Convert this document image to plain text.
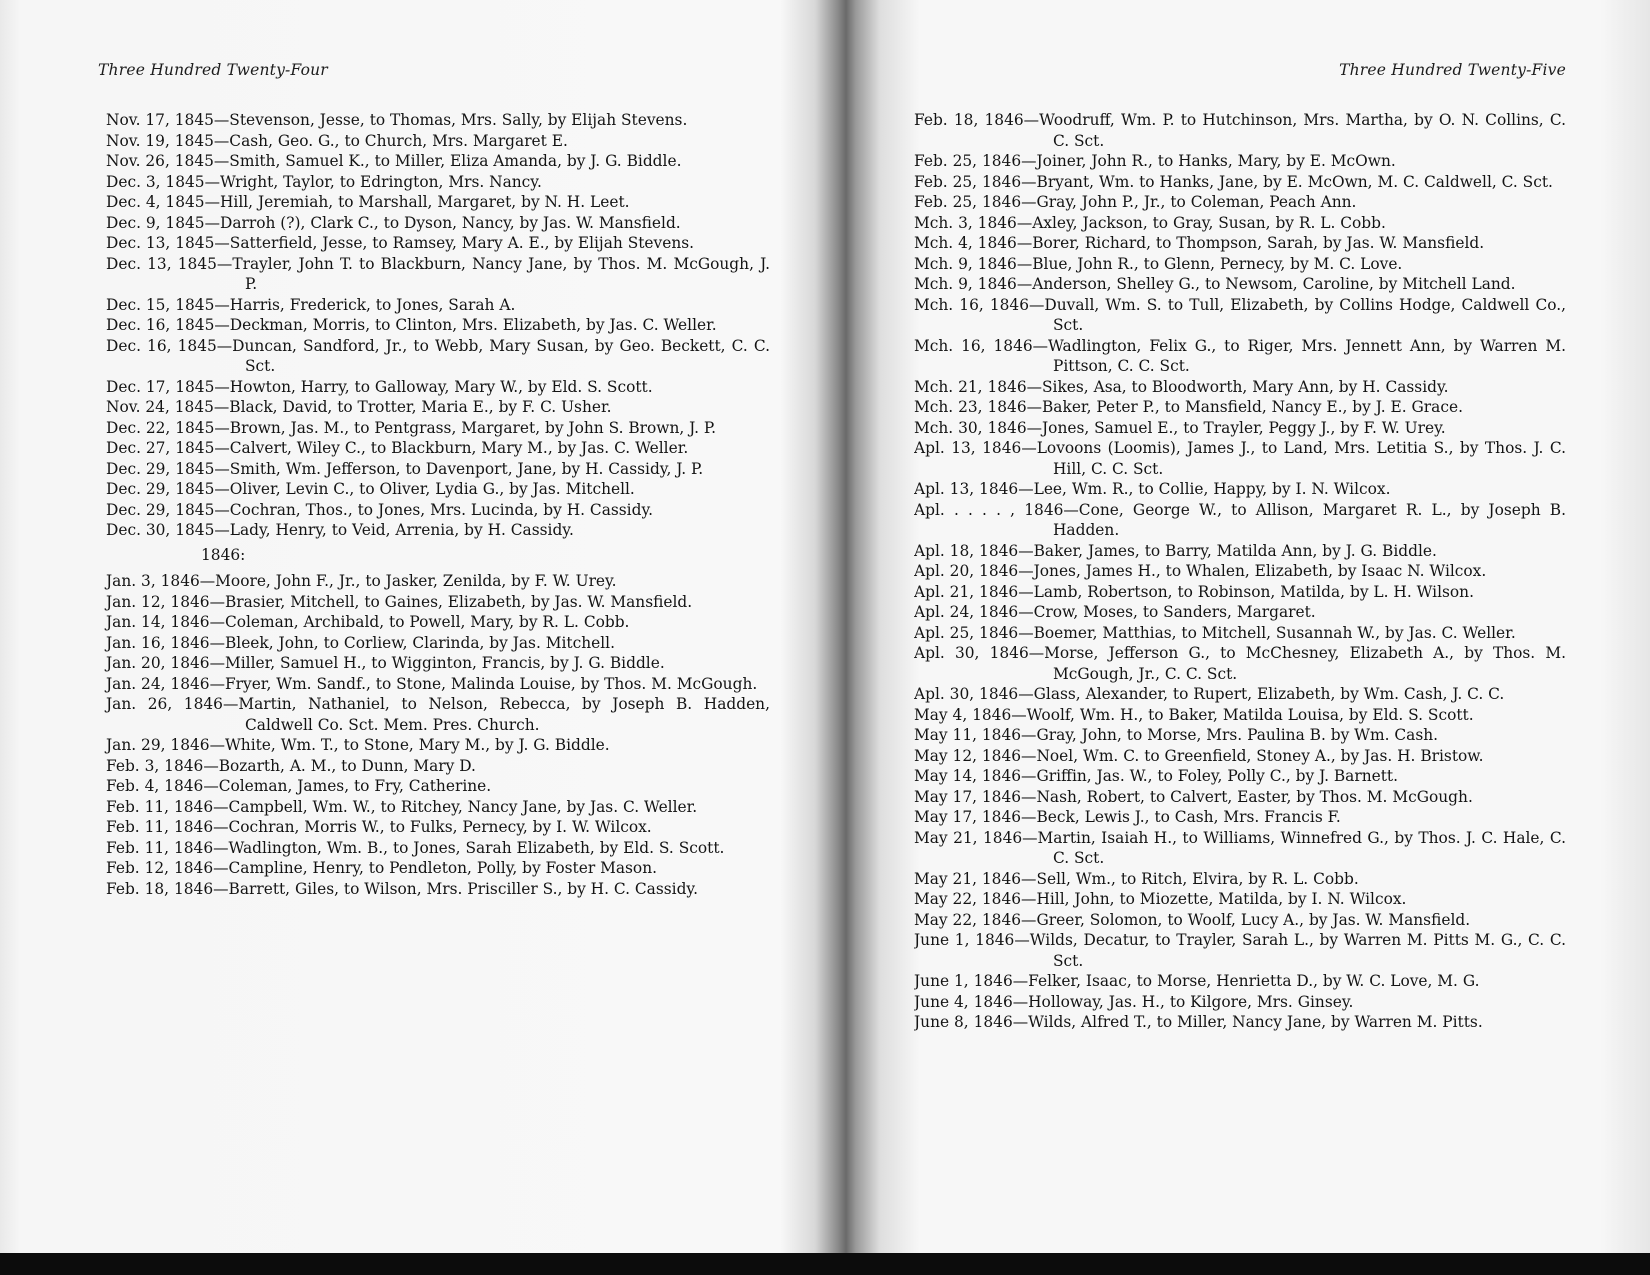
Three Hundred Twenty-Four
Nov. 17, 1845—Stevenson, Jesse, to Thomas, Mrs. Sally, by Elijah Stevens.
Nov. 19, 1845—Cash, Geo. G., to Church, Mrs. Margaret E.
Nov. 26, 1845—Smith, Samuel K., to Miller, Eliza Amanda, by J. G. Biddle.
Dec. 3, 1845—Wright, Taylor, to Edrington, Mrs. Nancy.
Dec. 4, 1845—Hill, Jeremiah, to Marshall, Margaret, by N. H. Leet.
Dec. 9, 1845—Darroh (?), Clark C., to Dyson, Nancy, by Jas. W. Mansfield.
Dec. 13, 1845—Satterfield, Jesse, to Ramsey, Mary A. E., by Elijah Stevens.
Dec. 13, 1845—Trayler, John T. to Blackburn, Nancy Jane, by Thos. M. McGough, J. P.
Dec. 15, 1845—Harris, Frederick, to Jones, Sarah A.
Dec. 16, 1845—Deckman, Morris, to Clinton, Mrs. Elizabeth, by Jas. C. Weller.
Dec. 16, 1845—Duncan, Sandford, Jr., to Webb, Mary Susan, by Geo. Beckett, C. C. Sct.
Dec. 17, 1845—Howton, Harry, to Galloway, Mary W., by Eld. S. Scott.
Nov. 24, 1845—Black, David, to Trotter, Maria E., by F. C. Usher.
Dec. 22, 1845—Brown, Jas. M., to Pentgrass, Margaret, by John S. Brown, J. P.
Dec. 27, 1845—Calvert, Wiley C., to Blackburn, Mary M., by Jas. C. Weller.
Dec. 29, 1845—Smith, Wm. Jefferson, to Davenport, Jane, by H. Cassidy, J. P.
Dec. 29, 1845—Oliver, Levin C., to Oliver, Lydia G., by Jas. Mitchell.
Dec. 29, 1845—Cochran, Thos., to Jones, Mrs. Lucinda, by H. Cassidy.
Dec. 30, 1845—Lady, Henry, to Veid, Arrenia, by H. Cassidy.
1846:
Jan. 3, 1846—Moore, John F., Jr., to Jasker, Zenilda, by F. W. Urey.
Jan. 12, 1846—Brasier, Mitchell, to Gaines, Elizabeth, by Jas. W. Mansfield.
Jan. 14, 1846—Coleman, Archibald, to Powell, Mary, by R. L. Cobb.
Jan. 16, 1846—Bleek, John, to Corliew, Clarinda, by Jas. Mitchell.
Jan. 20, 1846—Miller, Samuel H., to Wigginton, Francis, by J. G. Biddle.
Jan. 24, 1846—Fryer, Wm. Sandf., to Stone, Malinda Louise, by Thos. M. McGough.
Jan. 26, 1846—Martin, Nathaniel, to Nelson, Rebecca, by Joseph B. Hadden, Caldwell Co. Sct. Mem. Pres. Church.
Jan. 29, 1846—White, Wm. T., to Stone, Mary M., by J. G. Biddle.
Feb. 3, 1846—Bozarth, A. M., to Dunn, Mary D.
Feb. 4, 1846—Coleman, James, to Fry, Catherine.
Feb. 11, 1846—Campbell, Wm. W., to Ritchey, Nancy Jane, by Jas. C. Weller.
Feb. 11, 1846—Cochran, Morris W., to Fulks, Pernecy, by I. W. Wilcox.
Feb. 11, 1846—Wadlington, Wm. B., to Jones, Sarah Elizabeth, by Eld. S. Scott.
Feb. 12, 1846—Campline, Henry, to Pendleton, Polly, by Foster Mason.
Feb. 18, 1846—Barrett, Giles, to Wilson, Mrs. Prisciller S., by H. C. Cassidy.
Three Hundred Twenty-Five
Feb. 18, 1846—Woodruff, Wm. P. to Hutchinson, Mrs. Martha, by O. N. Collins, C. C. Sct.
Feb. 25, 1846—Joiner, John R., to Hanks, Mary, by E. McOwn.
Feb. 25, 1846—Bryant, Wm. to Hanks, Jane, by E. McOwn, M. C. Caldwell, C. Sct.
Feb. 25, 1846—Gray, John P., Jr., to Coleman, Peach Ann.
Mch. 3, 1846—Axley, Jackson, to Gray, Susan, by R. L. Cobb.
Mch. 4, 1846—Borer, Richard, to Thompson, Sarah, by Jas. W. Mansfield.
Mch. 9, 1846—Blue, John R., to Glenn, Pernecy, by M. C. Love.
Mch. 9, 1846—Anderson, Shelley G., to Newsom, Caroline, by Mitchell Land.
Mch. 16, 1846—Duvall, Wm. S. to Tull, Elizabeth, by Collins Hodge, Caldwell Co., Sct.
Mch. 16, 1846—Wadlington, Felix G., to Riger, Mrs. Jennett Ann, by Warren M. Pittson, C. C. Sct.
Mch. 21, 1846—Sikes, Asa, to Bloodworth, Mary Ann, by H. Cassidy.
Mch. 23, 1846—Baker, Peter P., to Mansfield, Nancy E., by J. E. Grace.
Mch. 30, 1846—Jones, Samuel E., to Trayler, Peggy J., by F. W. Urey.
Apl. 13, 1846—Lovoons (Loomis), James J., to Land, Mrs. Letitia S., by Thos. J. C. Hill, C. C. Sct.
Apl. 13, 1846—Lee, Wm. R., to Collie, Happy, by I. N. Wilcox.
Apl. . . . . , 1846—Cone, George W., to Allison, Margaret R. L., by Joseph B. Hadden.
Apl. 18, 1846—Baker, James, to Barry, Matilda Ann, by J. G. Biddle.
Apl. 20, 1846—Jones, James H., to Whalen, Elizabeth, by Isaac N. Wilcox.
Apl. 21, 1846—Lamb, Robertson, to Robinson, Matilda, by L. H. Wilson.
Apl. 24, 1846—Crow, Moses, to Sanders, Margaret.
Apl. 25, 1846—Boemer, Matthias, to Mitchell, Susannah W., by Jas. C. Weller.
Apl. 30, 1846—Morse, Jefferson G., to McChesney, Elizabeth A., by Thos. M. McGough, Jr., C. C. Sct.
Apl. 30, 1846—Glass, Alexander, to Rupert, Elizabeth, by Wm. Cash, J. C. C.
May 4, 1846—Woolf, Wm. H., to Baker, Matilda Louisa, by Eld. S. Scott.
May 11, 1846—Gray, John, to Morse, Mrs. Paulina B. by Wm. Cash.
May 12, 1846—Noel, Wm. C. to Greenfield, Stoney A., by Jas. H. Bristow.
May 14, 1846—Griffin, Jas. W., to Foley, Polly C., by J. Barnett.
May 17, 1846—Nash, Robert, to Calvert, Easter, by Thos. M. McGough.
May 17, 1846—Beck, Lewis J., to Cash, Mrs. Francis F.
May 21, 1846—Martin, Isaiah H., to Williams, Winnefred G., by Thos. J. C. Hale, C. C. Sct.
May 21, 1846—Sell, Wm., to Ritch, Elvira, by R. L. Cobb.
May 22, 1846—Hill, John, to Miozette, Matilda, by I. N. Wilcox.
May 22, 1846—Greer, Solomon, to Woolf, Lucy A., by Jas. W. Mansfield.
June 1, 1846—Wilds, Decatur, to Trayler, Sarah L., by Warren M. Pitts M. G., C. C. Sct.
June 1, 1846—Felker, Isaac, to Morse, Henrietta D., by W. C. Love, M. G.
June 4, 1846—Holloway, Jas. H., to Kilgore, Mrs. Ginsey.
June 8, 1846—Wilds, Alfred T., to Miller, Nancy Jane, by Warren M. Pitts.
